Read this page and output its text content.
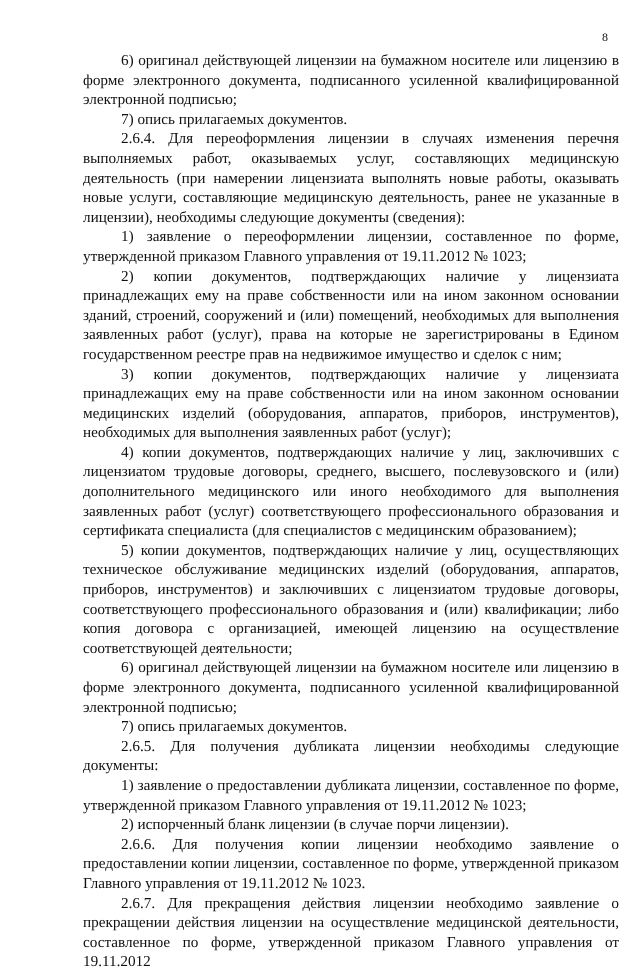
8

6) оригинал действующей лицензии на бумажном носителе или лицензию в форме электронного документа, подписанного усиленной квалифицированной электронной подписью;

7) опись прилагаемых документов.

2.6.4. Для переоформления лицензии в случаях изменения перечня выполняемых работ, оказываемых услуг, составляющих медицинскую деятельность (при намерении лицензиата выполнять новые работы, оказывать новые услуги, составляющие медицинскую деятельность, ранее не указанные в лицензии), необходимы следующие документы (сведения):

1) заявление о переоформлении лицензии, составленное по форме, утвержденной приказом Главного управления от 19.11.2012 № 1023;

2) копии документов, подтверждающих наличие у лицензиата принадлежащих ему на праве собственности или на ином законном основании зданий, строений, сооружений и (или) помещений, необходимых для выполнения заявленных работ (услуг), права на которые не зарегистрированы в Едином государственном реестре прав на недвижимое имущество и сделок с ним;

3) копии документов, подтверждающих наличие у лицензиата принадлежащих ему на праве собственности или на ином законном основании медицинских изделий (оборудования, аппаратов, приборов, инструментов), необходимых для выполнения заявленных работ (услуг);

4) копии документов, подтверждающих наличие у лиц, заключивших с лицензиатом трудовые договоры, среднего, высшего, послевузовского и (или) дополнительного медицинского или иного необходимого для выполнения заявленных работ (услуг) соответствующего профессионального образования и сертификата специалиста (для специалистов с медицинским образованием);

5) копии документов, подтверждающих наличие у лиц, осуществляющих техническое обслуживание медицинских изделий (оборудования, аппаратов, приборов, инструментов) и заключивших с лицензиатом трудовые договоры, соответствующего профессионального образования и (или) квалификации; либо копия договора с организацией, имеющей лицензию на осуществление соответствующей деятельности;

6) оригинал действующей лицензии на бумажном носителе или лицензию в форме электронного документа, подписанного усиленной квалифицированной электронной подписью;

7) опись прилагаемых документов.

2.6.5. Для получения дубликата лицензии необходимы следующие документы:

1) заявление о предоставлении дубликата лицензии, составленное по форме, утвержденной приказом Главного управления от 19.11.2012 № 1023;

2) испорченный бланк лицензии (в случае порчи лицензии).

2.6.6. Для получения копии лицензии необходимо заявление о предоставлении копии лицензии, составленное по форме, утвержденной приказом Главного управления от 19.11.2012 № 1023.

2.6.7. Для прекращения действия лицензии необходимо заявление о прекращении действия лицензии на осуществление медицинской деятельности, составленное по форме, утвержденной приказом Главного управления от 19.11.2012
